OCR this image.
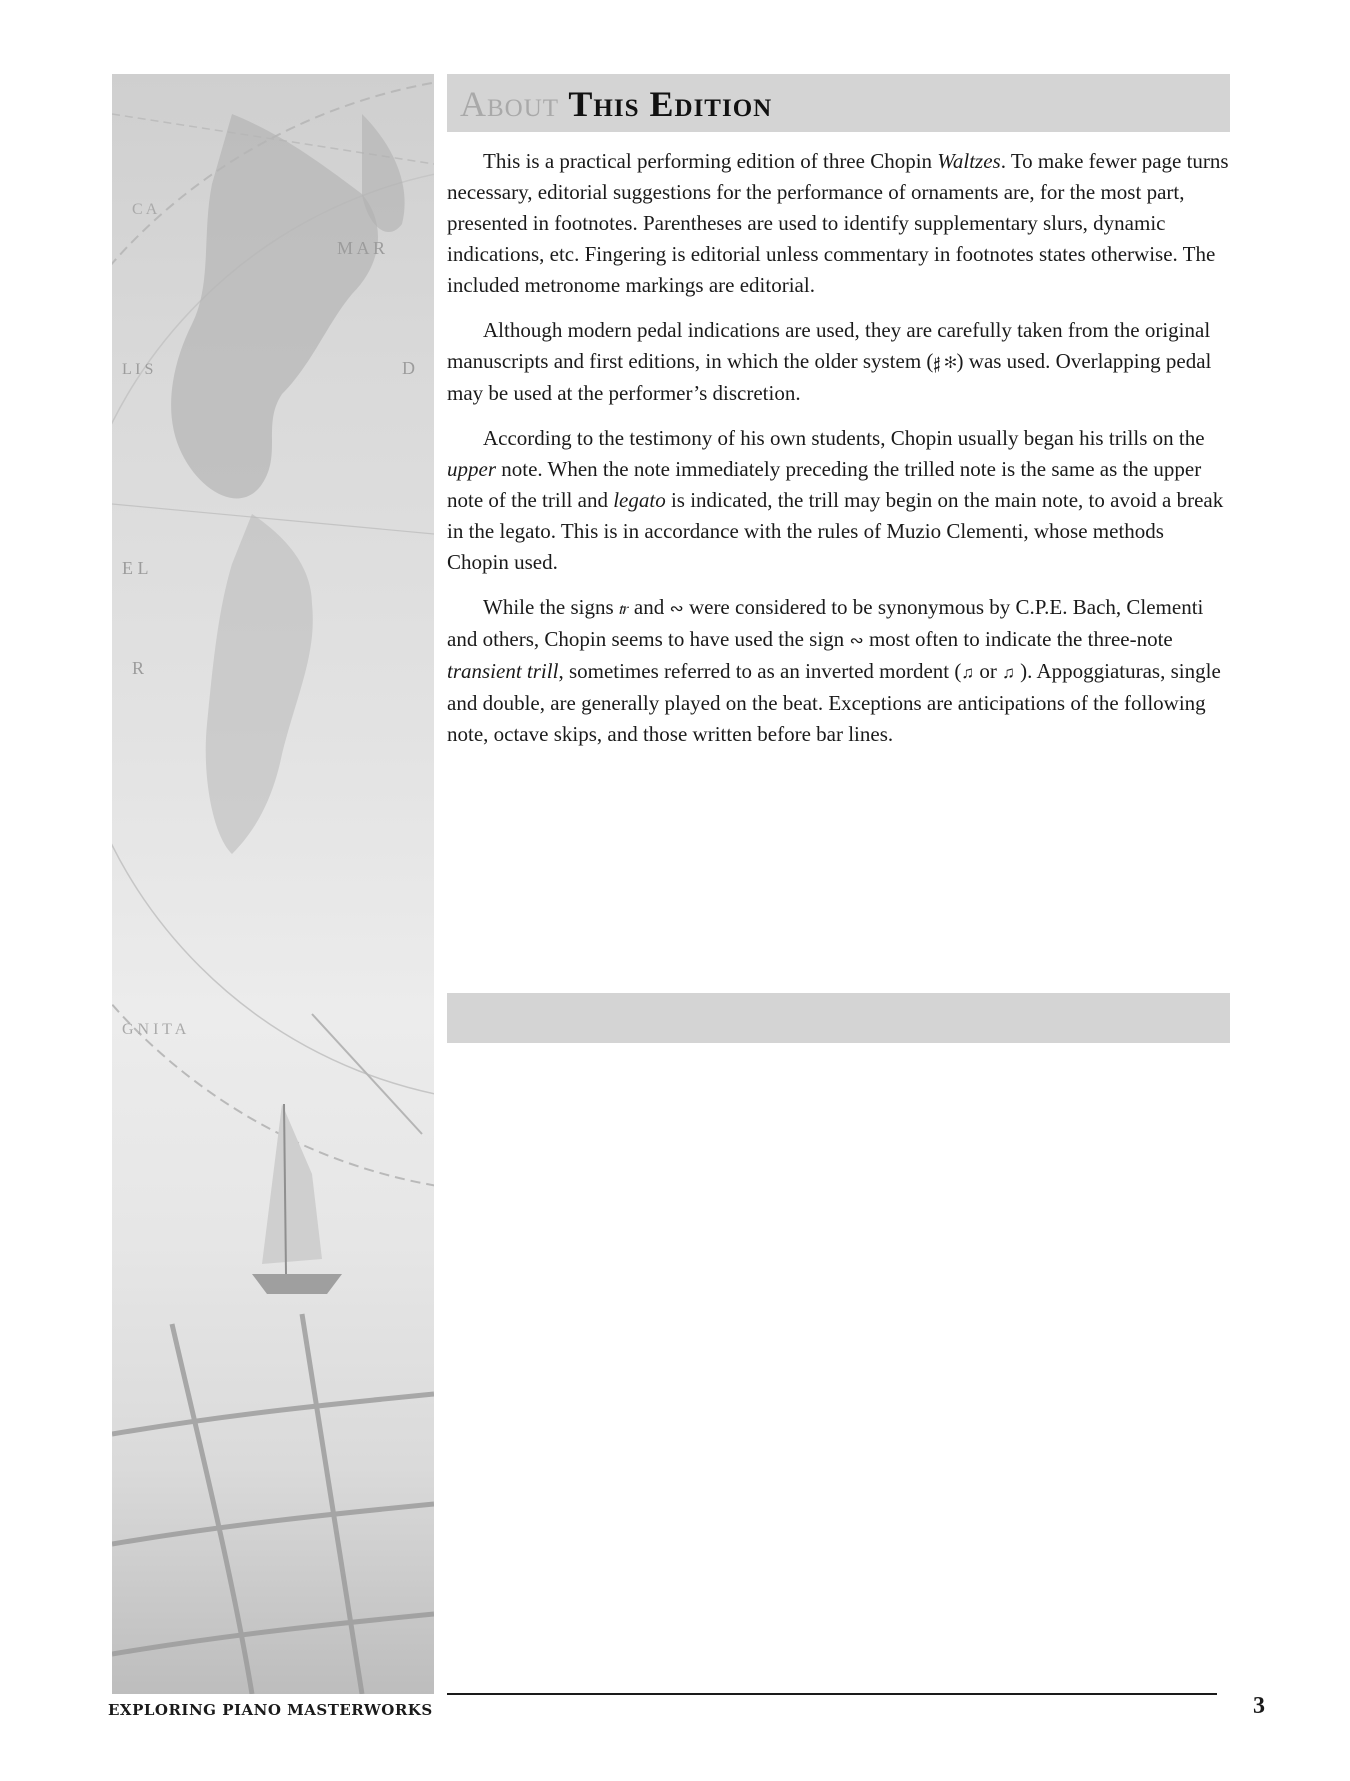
M A R
L I S	D
E L
R
G N I T A
C A
About This Edition

This is a practical performing edition of three Chopin Waltzes. To make fewer page turns necessary, editorial suggestions for the performance of ornaments are, for the most part, presented in footnotes. Parentheses are used to identify supplementary slurs, dynamic indications, etc. Fingering is editorial unless commentary in footnotes states otherwise. The included metronome markings are editorial.

Although modern pedal indications are used, they are carefully taken from the original manuscripts and first editions, in which the older system (𝄰 ✻) was used. Overlapping pedal may be used at the performer’s discretion.

According to the testimony of his own students, Chopin usually began his trills on the upper note. When the note immediately preceding the trilled note is the same as the upper note of the trill and legato is indicated, the trill may begin on the main note, to avoid a break in the legato. This is in accordance with the rules of Muzio Clementi, whose methods Chopin used.

While the signs 𝆖 and ∾ were considered to be synonymous by C.P.E. Bach, Clementi and others, Chopin seems to have used the sign ∾ most often to indicate the three-note transient trill, sometimes referred to as an inverted mordent (♫ or ♫ ). Appoggiaturas, single and double, are generally played on the beat. Exceptions are anticipations of the following note, octave skips, and those written before bar lines.

EXPLORING PIANO MASTERWORKS	3
